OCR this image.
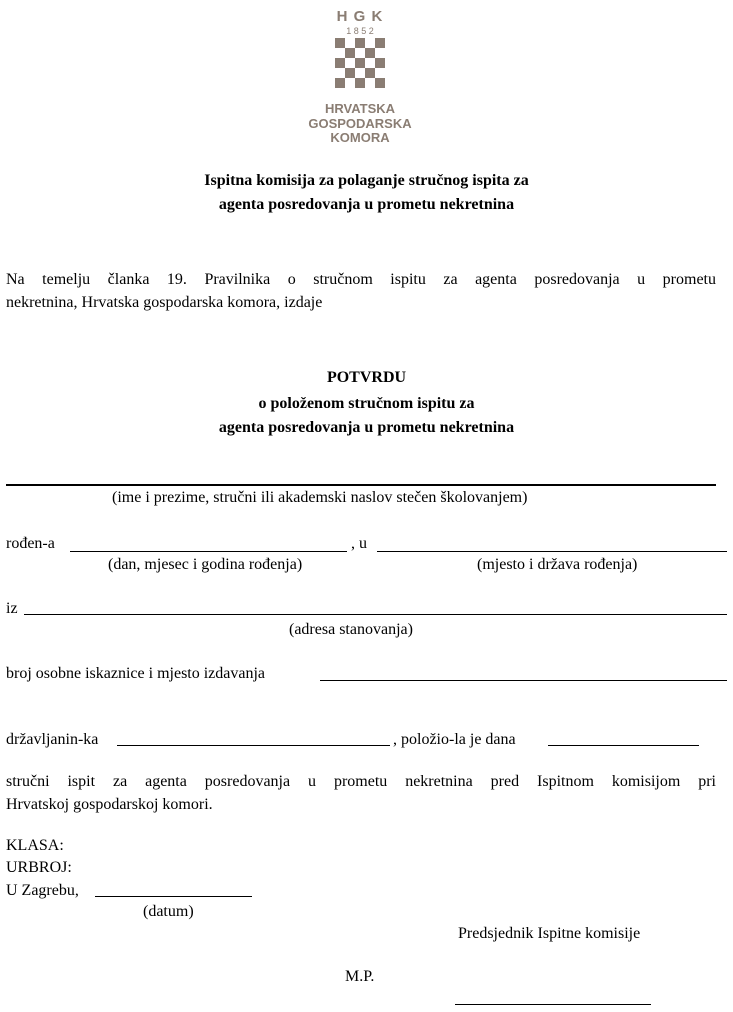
H G K
1 8 5 2
HRVATSKA
GOSPODARSKA
KOMORA
Ispitna komisija za polaganje stručnog ispita za
agenta posredovanja u prometu nekretnina
Na temelju članka 19. Pravilnika o stručnom ispitu za agenta posredovanja u prometu
nekretnina, Hrvatska gospodarska komora, izdaje
POTVRDU
o položenom stručnom ispitu za
agenta posredovanja u prometu nekretnina
(ime i prezime, stručni ili akademski naslov stečen školovanjem)
rođen-a	, u
(dan, mjesec i godina rođenja)	(mjesto i država rođenja)
iz
(adresa stanovanja)
broj osobne iskaznice i mjesto izdavanja
državljanin-ka	, položio-la je dana
stručni ispit za agenta posredovanja u prometu nekretnina pred Ispitnom komisijom pri
Hrvatskoj gospodarskoj komori.
KLASA:
URBROJ:
U Zagrebu,
(datum)
Predsjednik Ispitne komisije
M.P.
